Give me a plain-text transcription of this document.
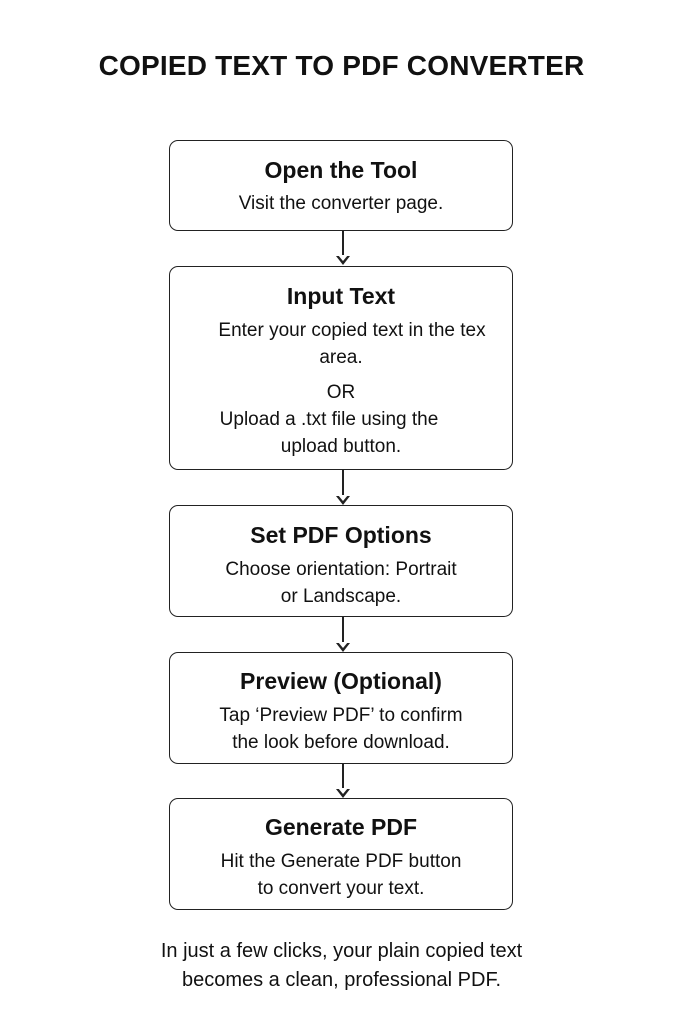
COPIED TEXT TO PDF CONVERTER
Open the Tool
Visit the converter page.
Input Text
Enter your copied text in the tex
area.
OR
Upload a .txt file using the
upload button.
Set PDF Options
Choose orientation: Portrait
or Landscape.
Preview (Optional)
Tap ‘Preview PDF’ to confirm
the look before download.
Generate PDF
Hit the Generate PDF button
to convert your text.
In just a few clicks, your plain copied text
becomes a clean, professional PDF.
